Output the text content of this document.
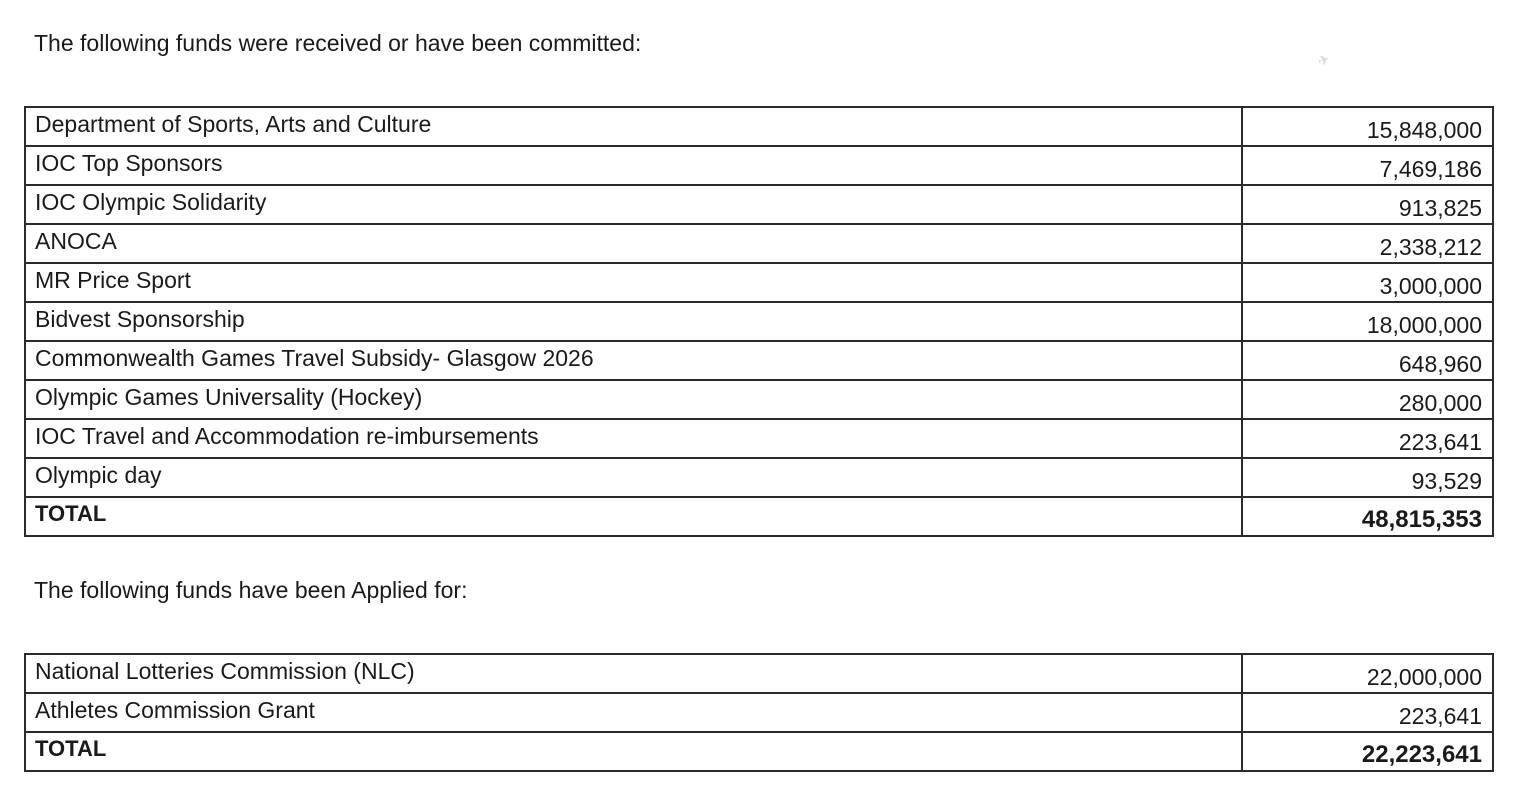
The following funds were received or have been committed:
✈
Department of Sports, Arts and Culture	15,848,000
IOC Top Sponsors	7,469,186
IOC Olympic Solidarity	913,825
ANOCA	2,338,212
MR Price Sport	3,000,000
Bidvest Sponsorship	18,000,000
Commonwealth Games Travel Subsidy- Glasgow 2026	648,960
Olympic Games Universality (Hockey)	280,000
IOC Travel and Accommodation re-imbursements	223,641
Olympic day	93,529
TOTAL	48,815,353
The following funds have been Applied for:
National Lotteries Commission (NLC)	22,000,000
Athletes Commission Grant	223,641
TOTAL	22,223,641
